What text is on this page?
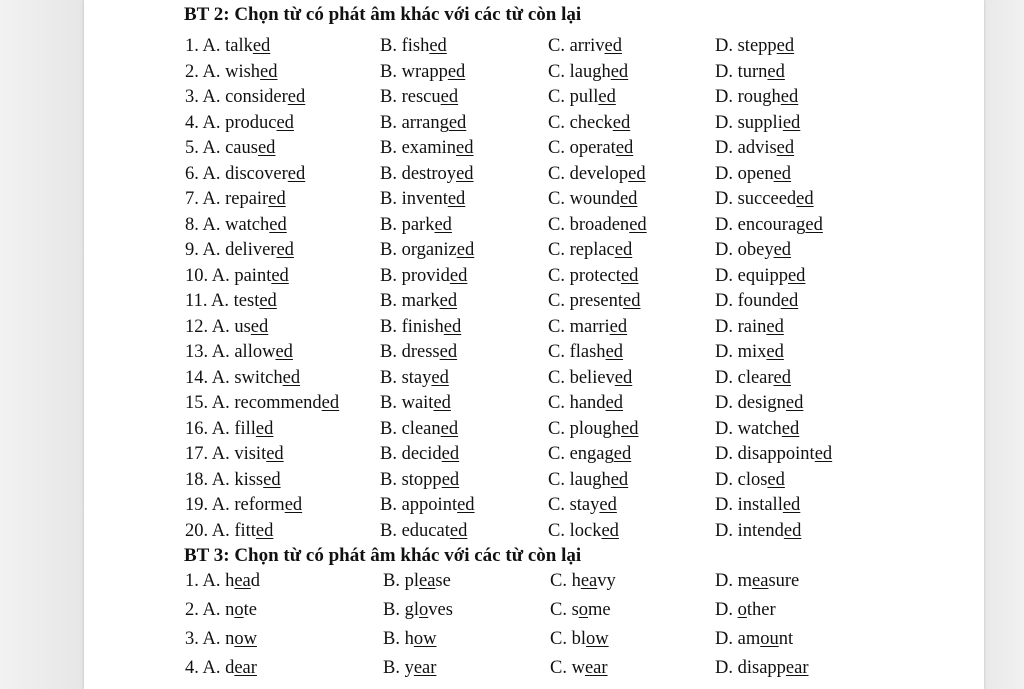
BT 2: Chọn từ có phát âm khác với các từ còn lại
1. A. talked	B. fished	C. arrived	D. stepped
2. A. wished	B. wrapped	C. laughed	D. turned
3. A. considered	B. rescued	C. pulled	D. roughed
4. A. produced	B. arranged	C. checked	D. supplied
5. A. caused	B. examined	C. operated	D. advised
6. A. discovered	B. destroyed	C. developed	D. opened
7. A. repaired	B. invented	C. wounded	D. succeeded
8. A. watched	B. parked	C. broadened	D. encouraged
9. A. delivered	B. organized	C. replaced	D. obeyed
10. A. painted	B. provided	C. protected	D. equipped
11. A. tested	B. marked	C. presented	D. founded
12. A. used	B. finished	C. married	D. rained
13. A. allowed	B. dressed	C. flashed	D. mixed
14. A. switched	B. stayed	C. believed	D. cleared
15. A. recommended B. waited	C. handed	D. designed
16. A. filled	B. cleaned	C. ploughed	D. watched
17. A. visited	B. decided	C. engaged	D. disappointed
18. A. kissed	B. stopped	C. laughed	D. closed
19. A. reformed	B. appointed	C. stayed	D. installed
20. A. fitted	B. educated	C. locked	D. intended
BT 3: Chọn từ có phát âm khác với các từ còn lại
1. A. head	B. please	C. heavy	D. measure
2. A. note	B. gloves	C. some	D. other
3. A. now	B. how	C. blow	D. amount
4. A. dear	B. year	C. wear	D. disappear
